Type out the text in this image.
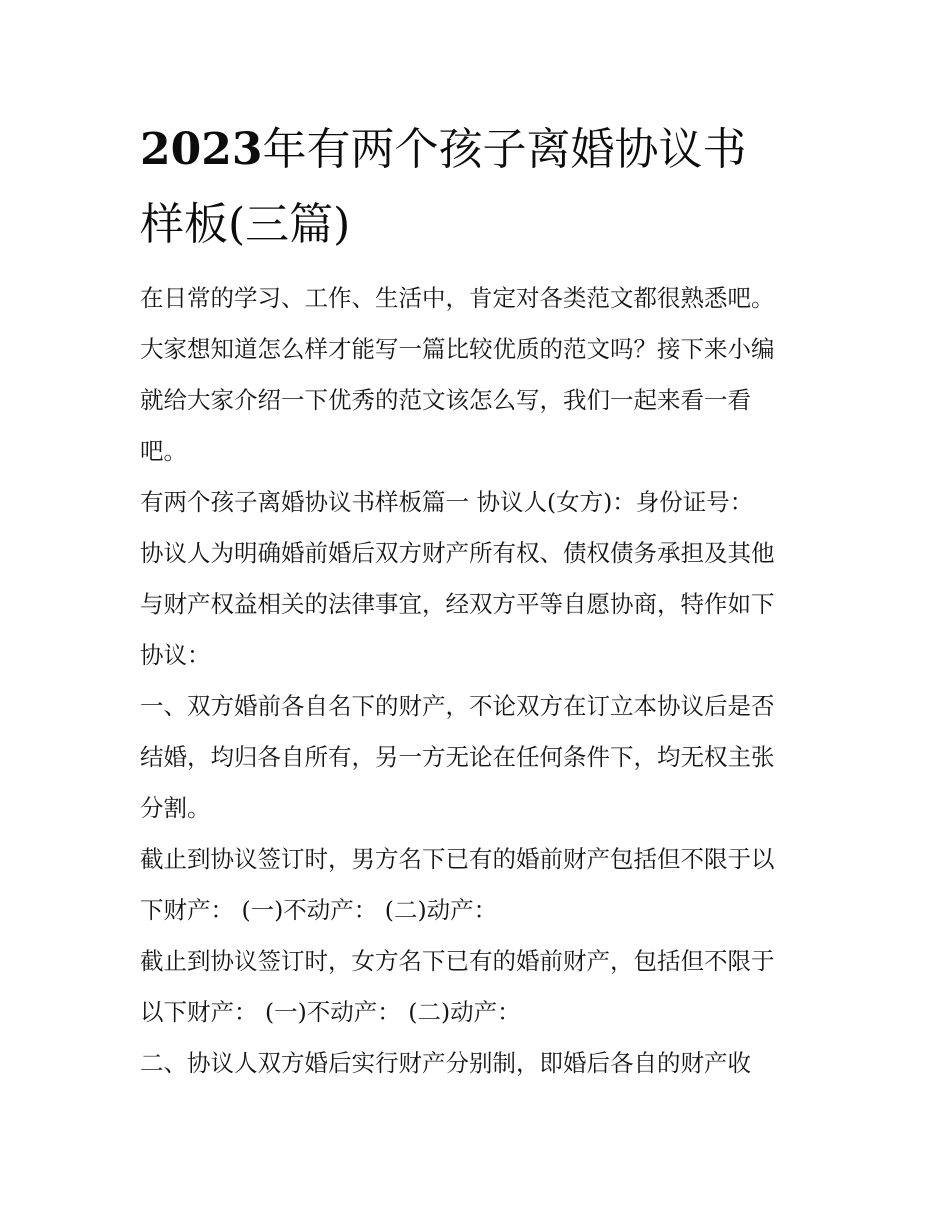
2023年有两个孩子离婚协议书
样板(三篇)

在日常的学习、工作、生活中，肯定对各类范文都很熟悉吧。
大家想知道怎么样才能写一篇比较优质的范文吗？接下来小编
就给大家介绍一下优秀的范文该怎么写，我们一起来看一看
吧。

有两个孩子离婚协议书样板篇一 协议人(女方)：身份证号：

协议人为明确婚前婚后双方财产所有权、债权债务承担及其他
与财产权益相关的法律事宜，经双方平等自愿协商，特作如下
协议：

一、双方婚前各自名下的财产，不论双方在订立本协议后是否
结婚，均归各自所有，另一方无论在任何条件下，均无权主张
分割。

截止到协议签订时，男方名下已有的婚前财产包括但不限于以
下财产： (一)不动产： (二)动产：

截止到协议签订时，女方名下已有的婚前财产，包括但不限于
以下财产： (一)不动产： (二)动产：

二、协议人双方婚后实行财产分别制，即婚后各自的财产收
